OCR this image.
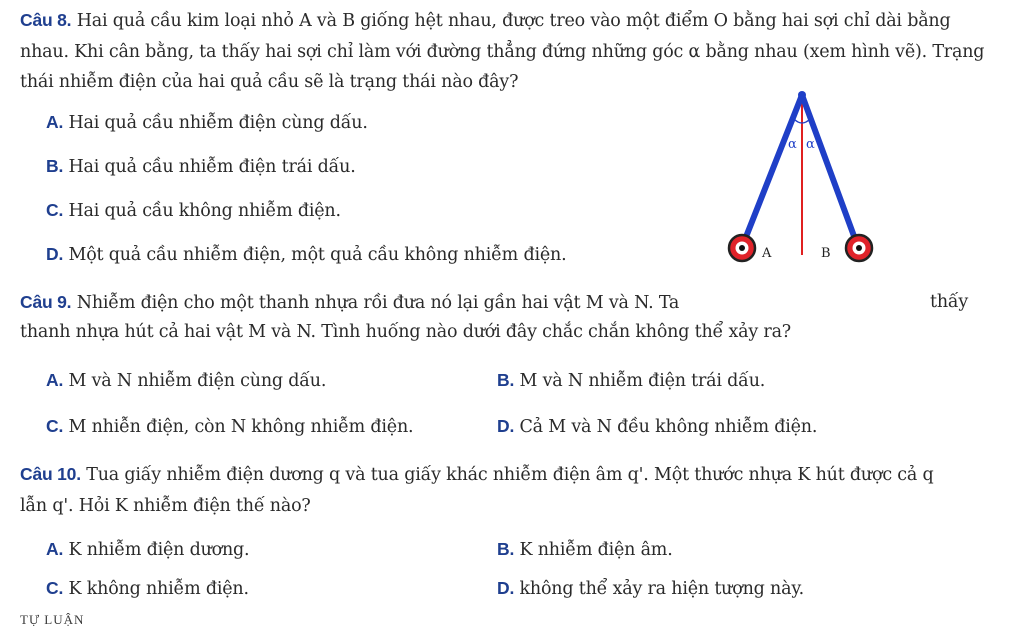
Câu 8. Hai quả cầu kim loại nhỏ A và B giống hệt nhau, được treo vào một điểm O bằng hai sợi chỉ dài bằng
nhau. Khi cân bằng, ta thấy hai sợi chỉ làm với đường thẳng đứng những góc α bằng nhau (xem hình vẽ). Trạng
thái nhiễm điện của hai quả cầu sẽ là trạng thái nào đây?
A. Hai quả cầu nhiễm điện cùng dấu.
B. Hai quả cầu nhiễm điện trái dấu.
C. Hai quả cầu không nhiễm điện.
D. Một quả cầu nhiễm điện, một quả cầu không nhiễm điện.
α α
A	B
Câu 9. Nhiễm điện cho một thanh nhựa rồi đưa nó lại gần hai vật M và N. Ta	thấy
thanh nhựa hút cả hai vật M và N. Tình huống nào dưới đây chắc chắn không thể xảy ra?
A. M và N nhiễm điện cùng dấu.	B. M và N nhiễm điện trái dấu.
C. M nhiễn điện, còn N không nhiễm điện.	D. Cả M và N đều không nhiễm điện.
Câu 10. Tua giấy nhiễm điện dương q và tua giấy khác nhiễm điện âm q'. Một thước nhựa K hút được cả q
lẫn q'. Hỏi K nhiễm điện thế nào?
A. K nhiễm điện dương.	B. K nhiễm điện âm.
C. K không nhiễm điện.	D. không thể xảy ra hiện tượng này.
TỰ LUẬN
